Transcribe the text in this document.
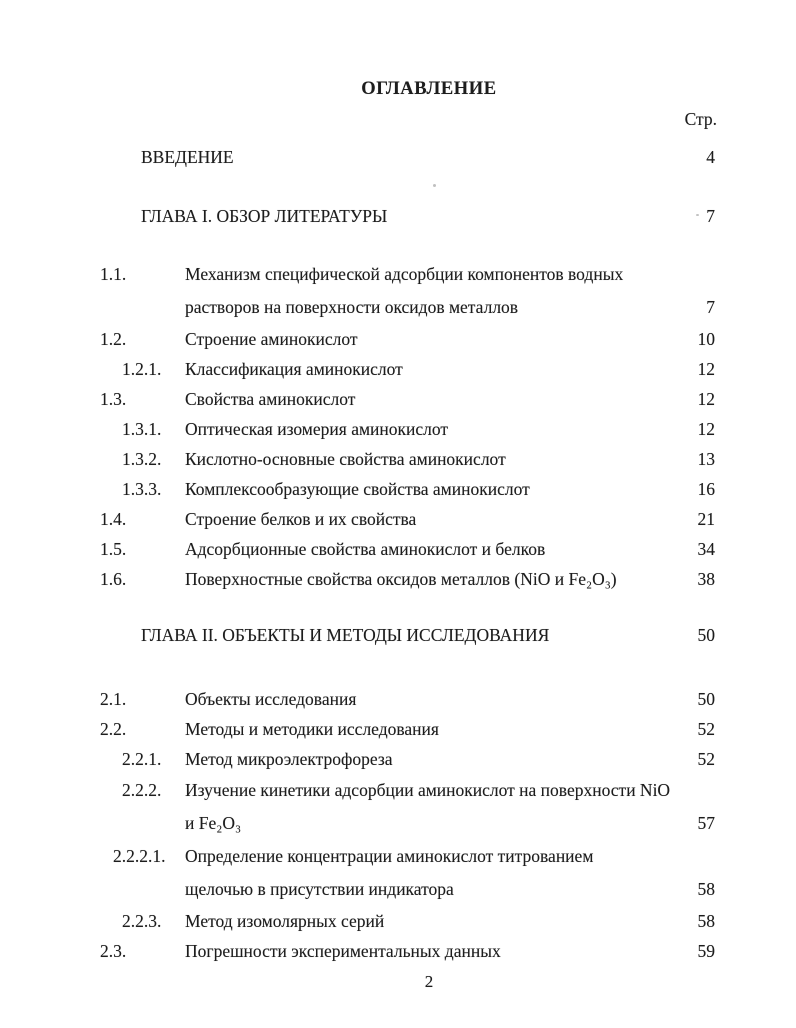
ОГЛАВЛЕНИЕ
Стр.
ВВЕДЕНИЕ	4
ГЛАВА I. ОБЗОР ЛИТЕРАТУРЫ	7
1.1.	Механизм специфической адсорбции компонентов водных
растворов на поверхности оксидов металлов	7
1.2.	Строение аминокислот	10
1.2.1.	Классификация аминокислот	12
1.3.	Свойства аминокислот	12
1.3.1.	Оптическая изомерия аминокислот	12
1.3.2.	Кислотно-основные свойства аминокислот	13
1.3.3.	Комплексообразующие свойства аминокислот	16
1.4.	Строение белков и их свойства	21
1.5.	Адсорбционные свойства аминокислот и белков	34
1.6.	Поверхностные свойства оксидов металлов (NiO и Fe₂O₃)	38
ГЛАВА II. ОБЪЕКТЫ И МЕТОДЫ ИССЛЕДОВАНИЯ	50
2.1.	Объекты исследования	50
2.2.	Методы и методики исследования	52
2.2.1.	Метод микроэлектрофореза	52
2.2.2.	Изучение кинетики адсорбции аминокислот на поверхности NiO
и Fe₂O₃	57
2.2.2.1.	Определение концентрации аминокислот титрованием
щелочью в присутствии индикатора	58
2.2.3.	Метод изомолярных серий	58
2.3.	Погрешности экспериментальных данных	59
2
